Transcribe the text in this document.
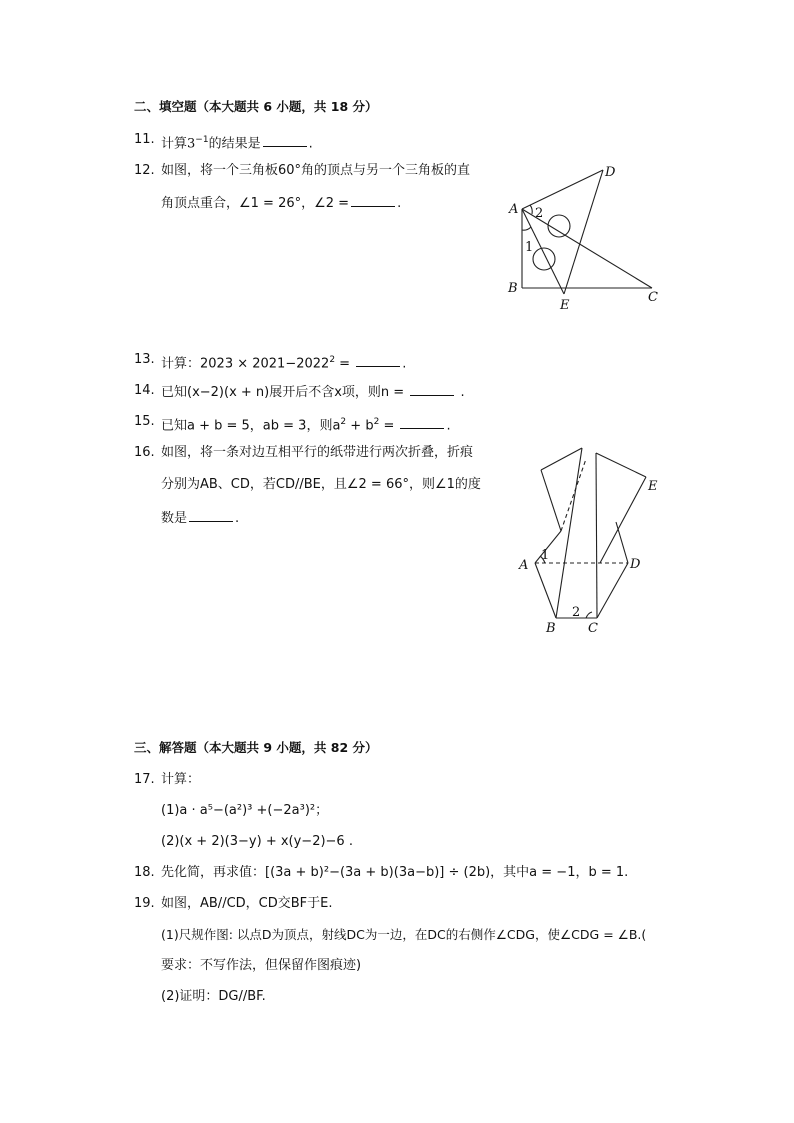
二、填空题（本大题共 6 小题，共 18 分）
11. 计算$3^{-1}$的结果是	.
12. 如图，将一个三角板60°角的顶点与另一个三角板的直
角顶点重合，∠1 = 26°，∠2 =	.	A
B
C
D
E
1
2
13. 计算：$2023 \times 2021-2022^2$ =	.
14. 已知(x−2)(x + n)展开后不含x项，则n =	.
15. 已知a + b = 5，ab = 3，则$a^2 + b^2$ =	.
16. 如图，将一条对边互相平行的纸带进行两次折叠，折痕
分别为AB、CD，若CD//BE，且∠2 = 66°，则∠1的度
数是	.
A
B C
D
E
1
2
三、解答题（本大题共 9 小题，共 82 分）
17. 计算：
(1)a · a⁵−(a²)³ +(−2a³)²；
(2)(x + 2)(3−y) + x(y−2)−6 .
18. 先化简，再求值：[(3a + b)²−(3a + b)(3a−b)] ÷ (2b)，其中a = −1，b = 1.
19. 如图，AB//CD，CD交BF于E.
(1)尺规作图: 以点D为顶点，射线DC为一边，在DC的右侧作∠CDG，使∠CDG = ∠B.(
要求：不写作法，但保留作图痕迹)
(2)证明：DG//BF.
